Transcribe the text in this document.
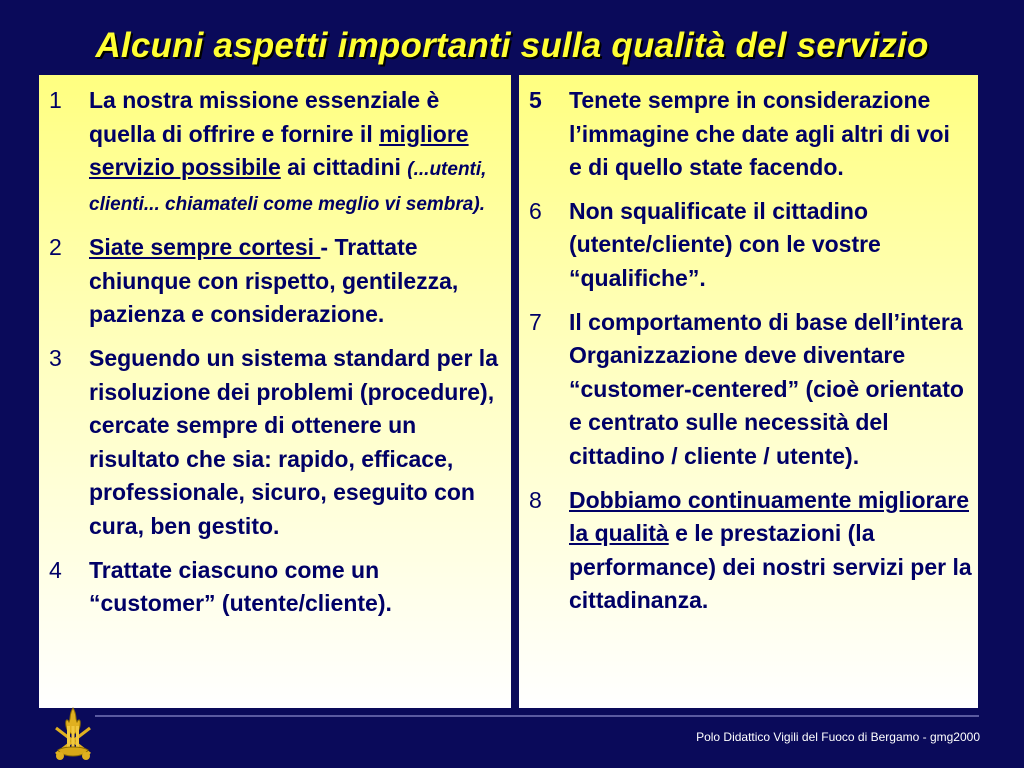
Alcuni aspetti importanti sulla qualità del servizio
1	La nostra missione essenziale è quella di offrire e fornire il migliore servizio possibile ai cittadini (...utenti, clienti... chiamateli come meglio vi sembra).
2	Siate sempre cortesi - Trattate chiunque con rispetto, gentilezza, pazienza e considerazione.
3	Seguendo un sistema standard per la risoluzione dei problemi (procedure), cercate sempre di ottenere un risultato che sia: rapido, efficace, professionale, sicuro, eseguito con cura, ben gestito.
4	Trattate ciascuno come un “customer” (utente/cliente).
5	Tenete sempre in considerazione l’immagine che date agli altri di voi
e di quello state facendo.
6	Non squalificate il cittadino (utente/cliente) con le vostre “qualifiche”.
7	Il comportamento di base dell’intera Organizzazione deve diventare “customer-centered” (cioè orientato e centrato sulle necessità del cittadino / cliente / utente).
8	Dobbiamo continuamente migliorare la qualità e le prestazioni (la performance) dei nostri servizi per la cittadinanza.
Polo Didattico Vigili del Fuoco di Bergamo - gmg2000
